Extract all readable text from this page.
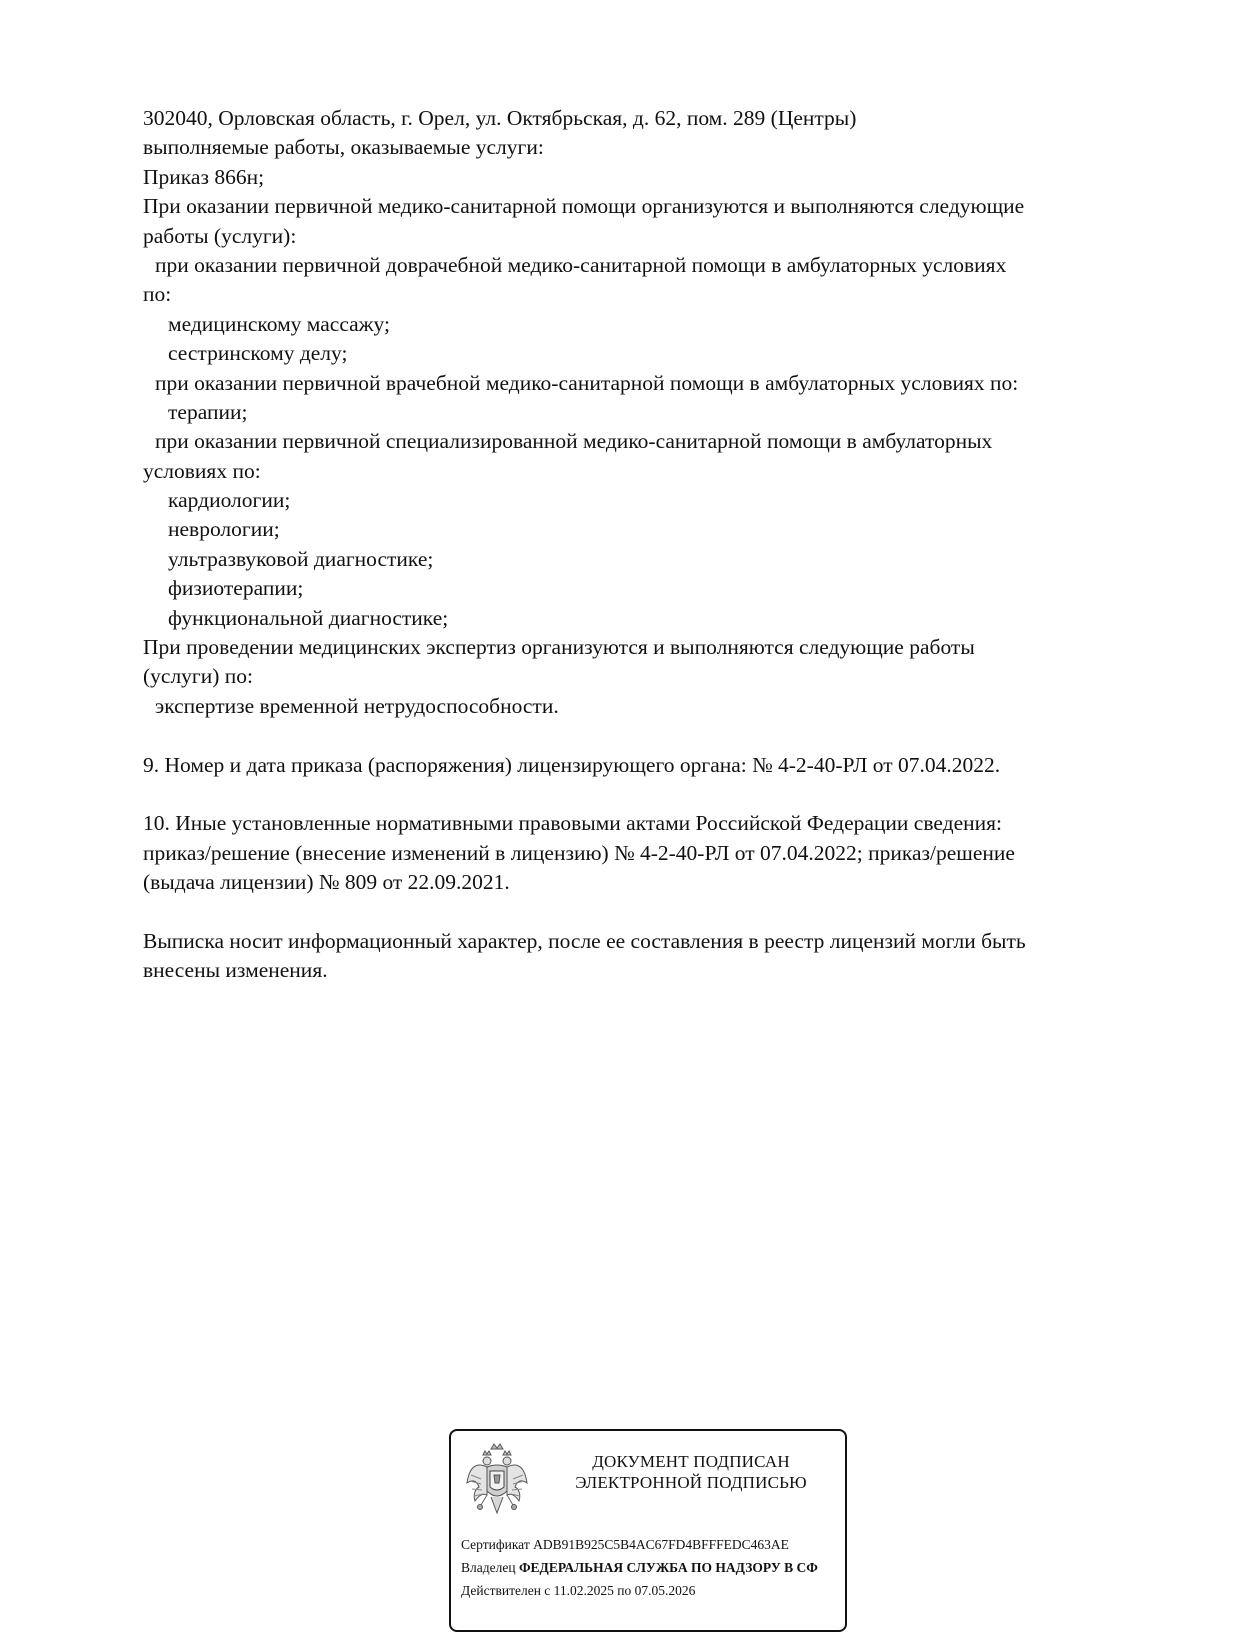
302040, Орловская область, г. Орел, ул. Октябрьская, д. 62, пом. 289 (Центры)
выполняемые работы, оказываемые услуги:
Приказ 866н;
При оказании первичной медико-санитарной помощи организуются и выполняются следующие
работы (услуги):
при оказании первичной доврачебной медико-санитарной помощи в амбулаторных условиях
по:
медицинскому массажу;
сестринскому делу;
при оказании первичной врачебной медико-санитарной помощи в амбулаторных условиях по:
терапии;
при оказании первичной специализированной медико-санитарной помощи в амбулаторных
условиях по:
кардиологии;
неврологии;
ультразвуковой диагностике;
физиотерапии;
функциональной диагностике;
При проведении медицинских экспертиз организуются и выполняются следующие работы
(услуги) по:
экспертизе временной нетрудоспособности.
9. Номер и дата приказа (распоряжения) лицензирующего органа: № 4-2-40-РЛ от 07.04.2022.
10. Иные установленные нормативными правовыми актами Российской Федерации сведения:
приказ/решение (внесение изменений в лицензию) № 4-2-40-РЛ от 07.04.2022; приказ/решение
(выдача лицензии) № 809 от 22.09.2021.
Выписка носит информационный характер, после ее составления в реестр лицензий могли быть
внесены изменения.
ДОКУМЕНТ ПОДПИСАН
ЭЛЕКТРОННОЙ ПОДПИСЬЮ
Сертификат ADB91B925C5B4AC67FD4BFFFEDC463AE
Владелец ФЕДЕРАЛЬНАЯ СЛУЖБА ПО НАДЗОРУ В СФ
Действителен с 11.02.2025 по 07.05.2026
